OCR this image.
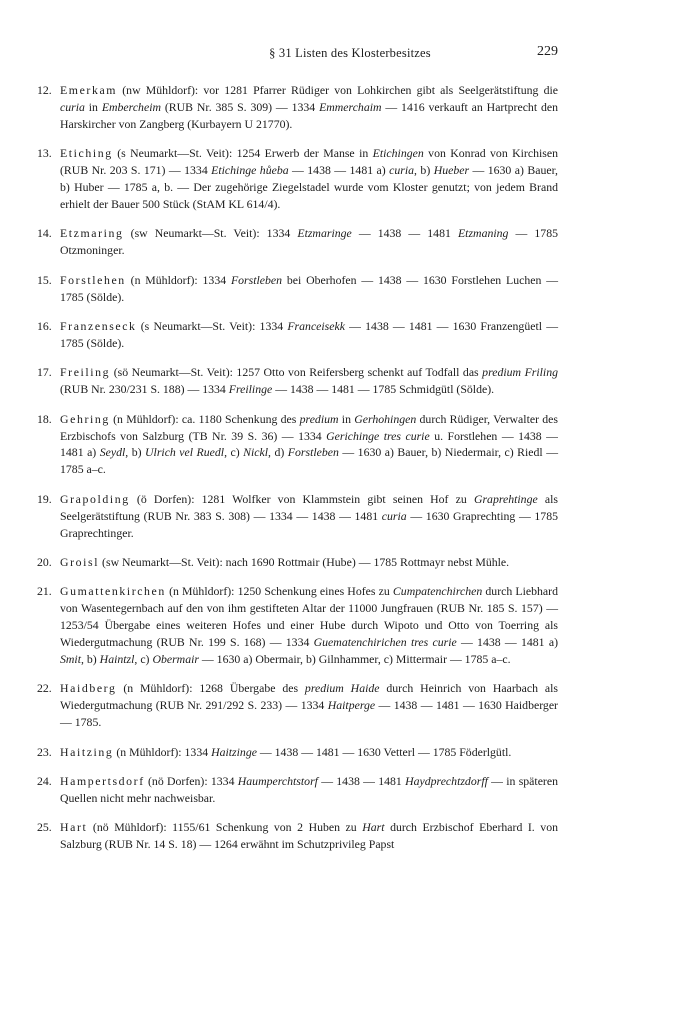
§ 31 Listen des Klosterbesitzes	229
12. Emerkam (nw Mühldorf): vor 1281 Pfarrer Rüdiger von Lohkirchen gibt als Seelgerätstiftung die curia in Embercheim (RUB Nr. 385 S. 309) — 1334 Emmerchaim — 1416 verkauft an Hartprecht den Harskircher von Zangberg (Kurbayern U 21770).
13. Etiching (s Neumarkt—St. Veit): 1254 Erwerb der Manse in Etichingen von Konrad von Kirchisen (RUB Nr. 203 S. 171) — 1334 Etichinge hůeba — 1438 — 1481 a) curia, b) Hueber — 1630 a) Bauer, b) Huber — 1785 a, b. — Der zugehörige Ziegelstadel wurde vom Kloster genutzt; von jedem Brand erhielt der Bauer 500 Stück (StAM KL 614/4).
14. Etzmaring (sw Neumarkt—St. Veit): 1334 Etzmaringe — 1438 — 1481 Etzmaning — 1785 Otzmoninger.
15. Forstlehen (n Mühldorf): 1334 Forstleben bei Oberhofen — 1438 — 1630 Forstlehen Luchen — 1785 (Sölde).
16. Franzenseck (s Neumarkt—St. Veit): 1334 Franceisekk — 1438 — 1481 — 1630 Franzengüetl — 1785 (Sölde).
17. Freiling (sö Neumarkt—St. Veit): 1257 Otto von Reifersberg schenkt auf Todfall das predium Friling (RUB Nr. 230/231 S. 188) — 1334 Freilinge — 1438 — 1481 — 1785 Schmidgütl (Sölde).
18. Gehring (n Mühldorf): ca. 1180 Schenkung des predium in Gerhohingen durch Rüdiger, Verwalter des Erzbischofs von Salzburg (TB Nr. 39 S. 36) — 1334 Gerichinge tres curie u. Forstlehen — 1438 — 1481 a) Seydl, b) Ulrich vel Ruedl, c) Nickl, d) Forstleben — 1630 a) Bauer, b) Niedermair, c) Riedl — 1785 a–c.
19. Grapolding (ö Dorfen): 1281 Wolfker von Klammstein gibt seinen Hof zu Graprehtinge als Seelgerätstiftung (RUB Nr. 383 S. 308) — 1334 — 1438 — 1481 curia — 1630 Graprechting — 1785 Graprechtinger.
20. Groisl (sw Neumarkt—St. Veit): nach 1690 Rottmair (Hube) — 1785 Rottmayr nebst Mühle.
21. Gumattenkirchen (n Mühldorf): 1250 Schenkung eines Hofes zu Cumpatenchirchen durch Liebhard von Wasentegernbach auf den von ihm gestifteten Altar der 11000 Jungfrauen (RUB Nr. 185 S. 157) — 1253/54 Übergabe eines weiteren Hofes und einer Hube durch Wipoto und Otto von Toerring als Wiedergutmachung (RUB Nr. 199 S. 168) — 1334 Guematenchirichen tres curie — 1438 — 1481 a) Smit, b) Haintzl, c) Obermair — 1630 a) Obermair, b) Gilnhammer, c) Mittermair — 1785 a–c.
22. Haidberg (n Mühldorf): 1268 Übergabe des predium Haide durch Heinrich von Haarbach als Wiedergutmachung (RUB Nr. 291/292 S. 233) — 1334 Haitperge — 1438 — 1481 — 1630 Haidberger — 1785.
23. Haitzing (n Mühldorf): 1334 Haitzinge — 1438 — 1481 — 1630 Vetterl — 1785 Föderlgütl.
24. Hampertsdorf (nö Dorfen): 1334 Haumperchtstorf — 1438 — 1481 Haydprechtzdorff — in späteren Quellen nicht mehr nachweisbar.
25. Hart (nö Mühldorf): 1155/61 Schenkung von 2 Huben zu Hart durch Erzbischof Eberhard I. von Salzburg (RUB Nr. 14 S. 18) — 1264 erwähnt im Schutzprivileg Papst
